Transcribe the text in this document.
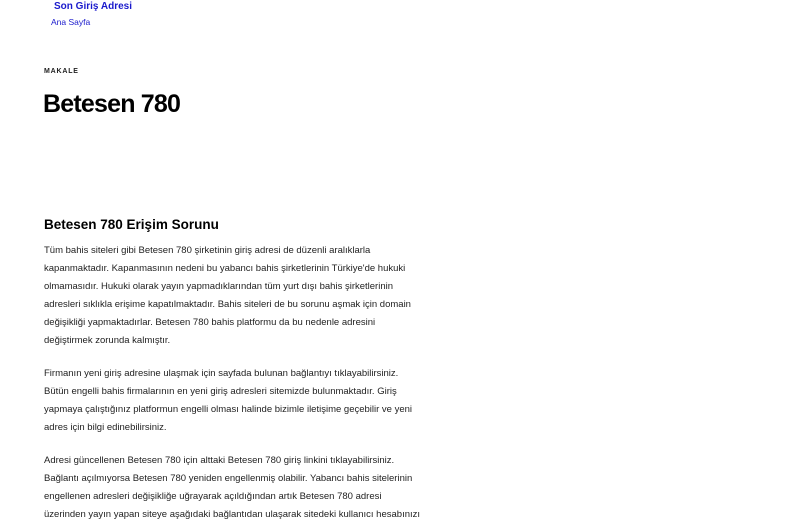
Son Giriş Adresi
Ana Sayfa
MAKALE
Betesen 780
Betesen 780 Erişim Sorunu

Tüm bahis siteleri gibi Betesen 780 şirketinin giriş adresi de düzenli aralıklarla
kapanmaktadır. Kapanmasının nedeni bu yabancı bahis şirketlerinin Türkiye'de hukuki
olmamasıdır. Hukuki olarak yayın yapmadıklarından tüm yurt dışı bahis şirketlerinin
adresleri sıklıkla erişime kapatılmaktadır. Bahis siteleri de bu sorunu aşmak için domain
değişikliği yapmaktadırlar. Betesen 780 bahis platformu da bu nedenle adresini
değiştirmek zorunda kalmıştır.

Firmanın yeni giriş adresine ulaşmak için sayfada bulunan bağlantıyı tıklayabilirsiniz.
Bütün engelli bahis firmalarının en yeni giriş adresleri sitemizde bulunmaktadır. Giriş
yapmaya çalıştığınız platformun engelli olması halinde bizimle iletişime geçebilir ve yeni
adres için bilgi edinebilirsiniz.

Adresi güncellenen Betesen 780 için alttaki Betesen 780 giriş linkini tıklayabilirsiniz.
Bağlantı açılmıyorsa Betesen 780 yeniden engellenmiş olabilir. Yabancı bahis sitelerinin
engellenen adresleri değişikliğe uğrayarak açıldığından artık Betesen 780 adresi
üzerinden yayın yapan siteye aşağıdaki bağlantıdan ulaşarak sitedeki kullanıcı hesabınızı
